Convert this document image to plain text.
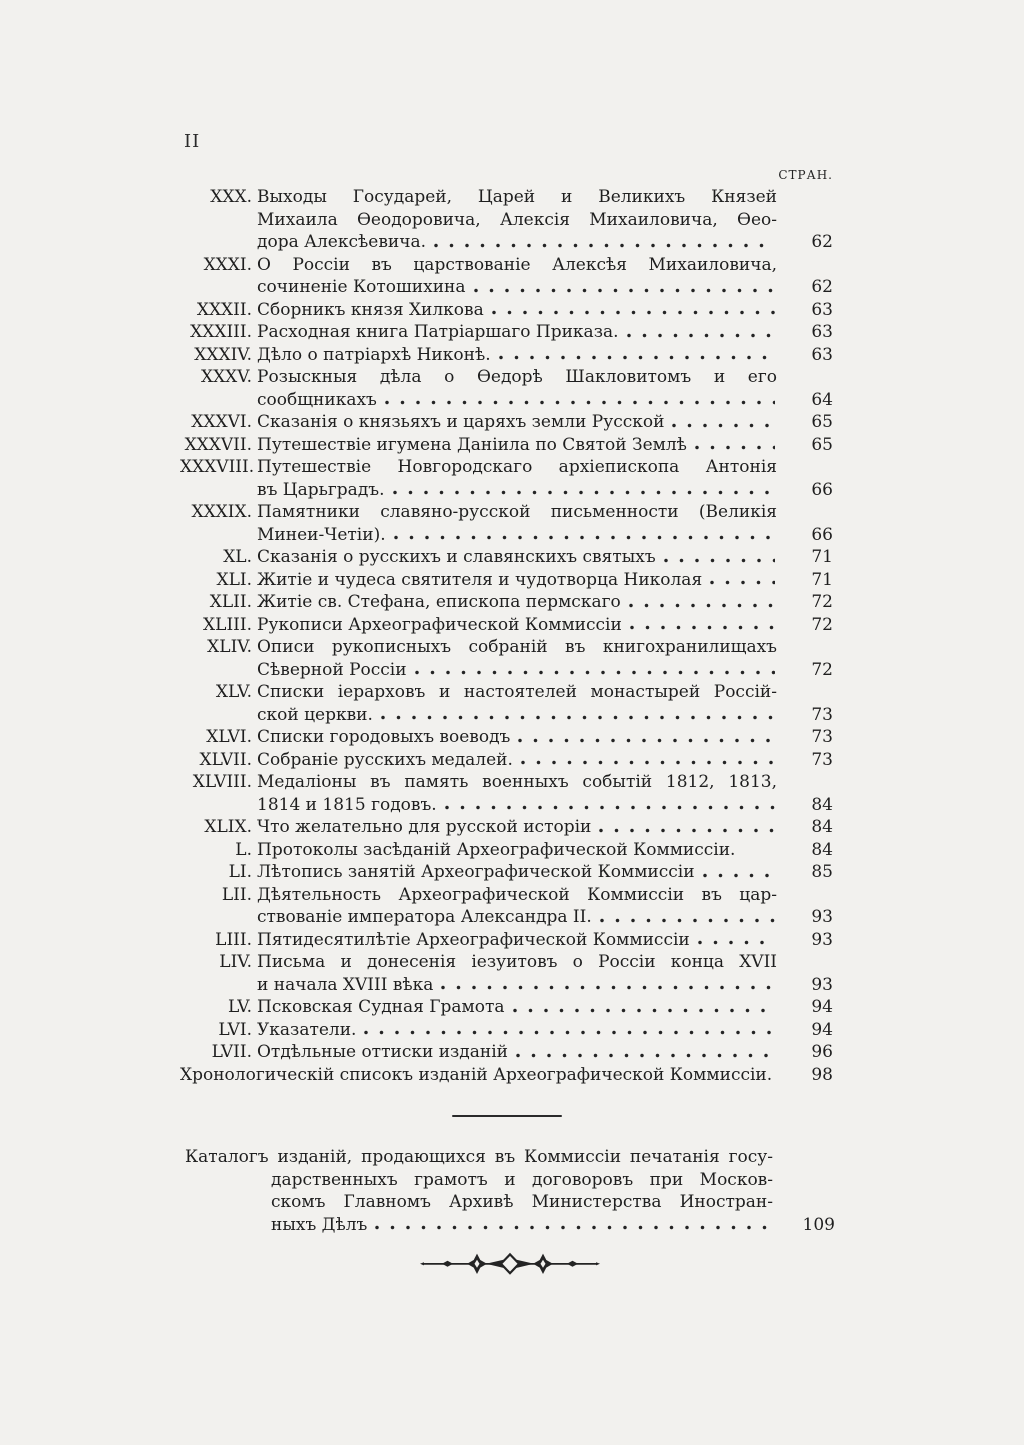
II
СТРАН.
XXX. Выходы Государей, Царей и Великихъ Князей
Михаила Ѳеодоровича, Алексія Михаиловича, Ѳео-
дора Алексѣевича.	62
XXXI. О Россіи въ царствованіе Алексѣя Михаиловича,
сочиненіе Котошихина	62
XXXII. Сборникъ князя Хилкова	63
XXXIII. Расходная книга Патріаршаго Приказа.	63
XXXIV. Дѣло о патріархѣ Никонѣ.	63
XXXV. Розыскныя дѣла о Ѳедорѣ Шакловитомъ и его
сообщникахъ	64
XXXVI. Сказанія о князьяхъ и царяхъ земли Русской	65
XXXVII. Путешествіе игумена Даніила по Святой Землѣ	65
XXXVIII. Путешествіе Новгородскаго архіепископа Антонія
въ Царьградъ.	66
XXXIX. Памятники славяно-русской письменности (Великія
Минеи-Четіи).	66
XL. Сказанія о русскихъ и славянскихъ святыхъ	71
XLI. Житіе и чудеса святителя и чудотворца Николая	71
XLII. Житіе св. Стефана, епископа пермскаго	72
XLIII. Рукописи Археографической Коммиссіи	72
XLIV. Описи рукописныхъ собраній въ книгохранилищахъ
Сѣверной Россіи	72
XLV. Списки іерарховъ и настоятелей монастырей Россій-
ской церкви.	73
XLVI. Списки городовыхъ воеводъ	73
XLVII. Собраніе русскихъ медалей.	73
XLVIII. Медаліоны въ память военныхъ событій 1812, 1813,
1814 и 1815 годовъ.	84
XLIX. Что желательно для русской исторіи	84
L. Протоколы засѣданій Археографической Коммиссіи.	84
LI. Лѣтопись занятій Археографической Коммиссіи	85
LII. Дѣятельность Археографической Коммиссіи въ цар-
ствованіе императора Александра II.	93
LIII. Пятидесятилѣтіе Археографической Коммиссіи	93
LIV. Письма и донесенія іезуитовъ о Россіи конца XVII
и начала XVIII вѣка	93
LV. Псковская Судная Грамота	94
LVI. Указатели.	94
LVII. Отдѣльные оттиски изданій	96
Хронологическій списокъ изданій Археографической Коммиссіи.	98
Каталогъ изданій, продающихся въ Коммиссіи печатанія госу-
дарственныхъ грамотъ и договоровъ при Москов-
скомъ Главномъ Архивѣ Министерства Иностран-
ныхъ Дѣлъ	109
